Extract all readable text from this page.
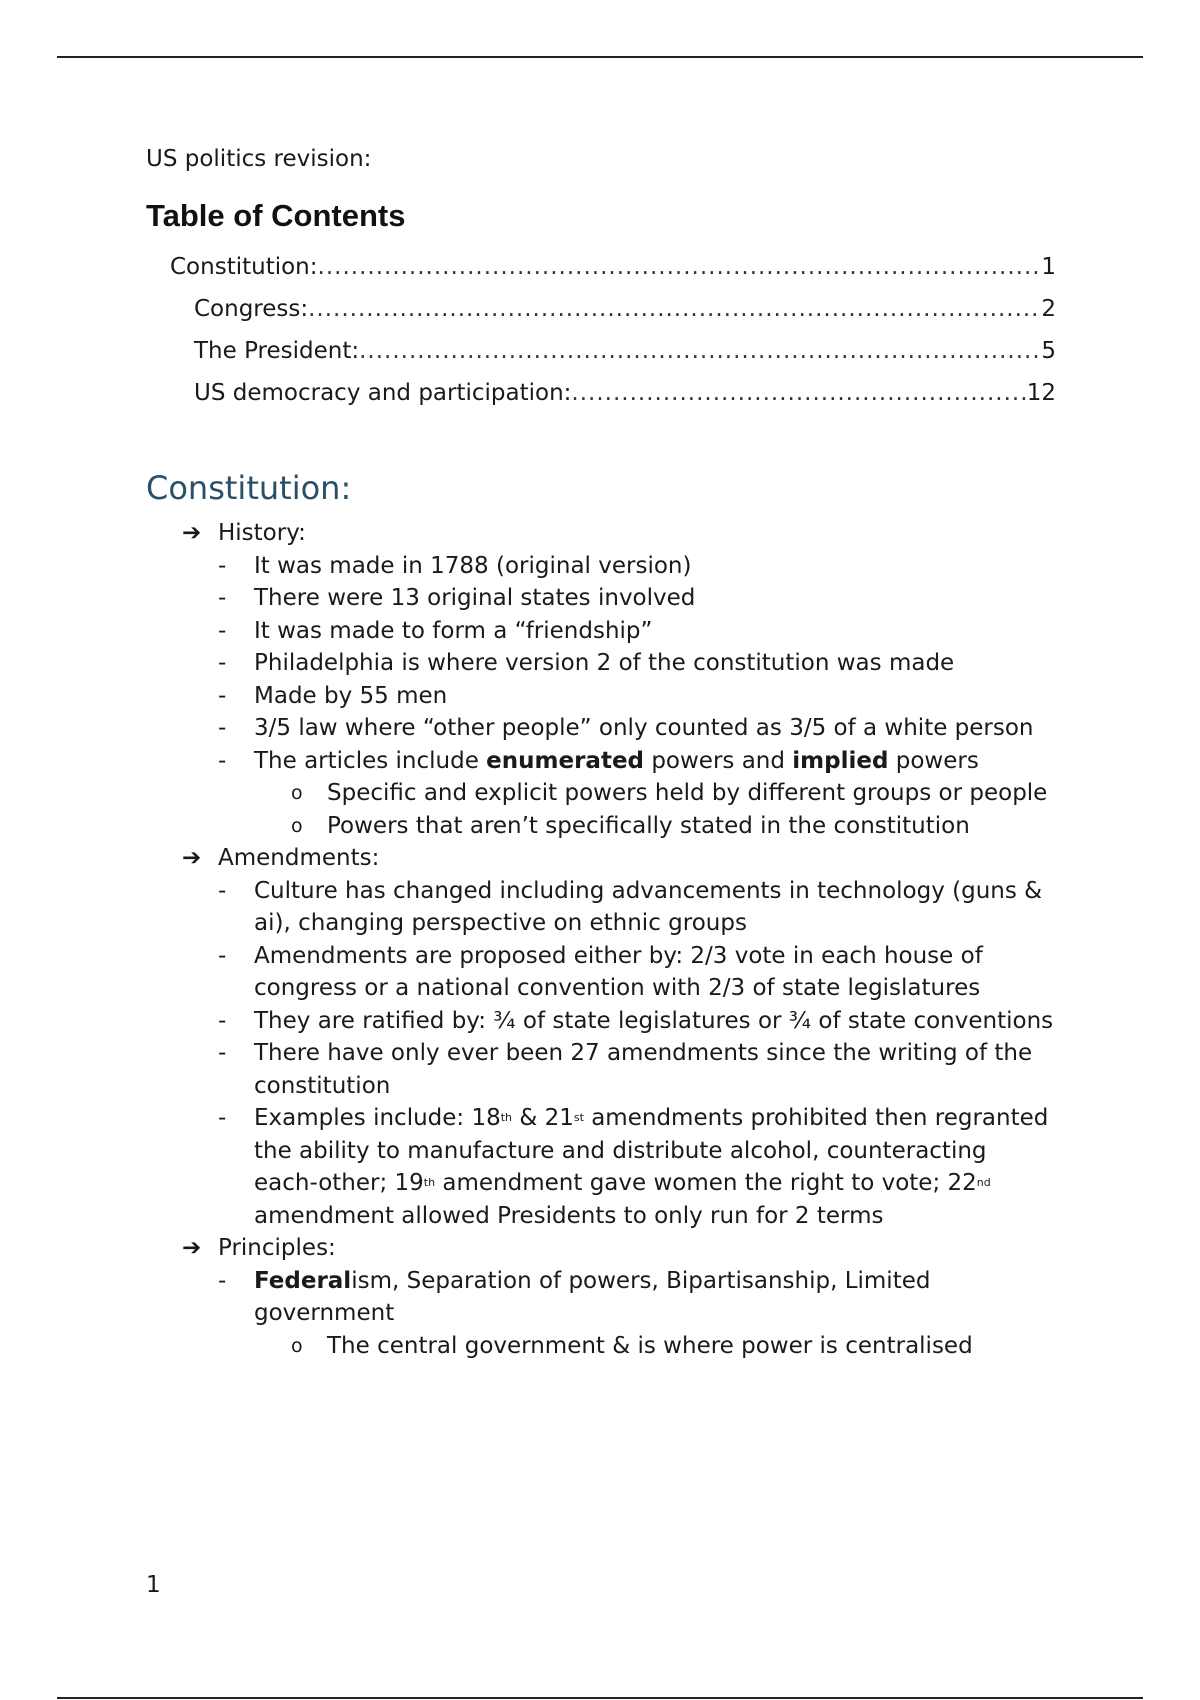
US politics revision:

Table of Contents
Constitution: .....	1
Congress: .....	2
The President: .....	5
US democracy and participation: .....	12
Constitution:
➔ History:
- It was made in 1788 (original version)
- There were 13 original states involved
- It was made to form a “friendship”
- Philadelphia is where version 2 of the constitution was made
- Made by 55 men
- 3/5 law where “other people” only counted as 3/5 of a white person
- The articles include enumerated powers and implied powers
o Specific and explicit powers held by different groups or people
o Powers that aren’t specifically stated in the constitution
➔ Amendments:
- Culture has changed including advancements in technology (guns & ai), changing perspective on ethnic groups
- Amendments are proposed either by: 2/3 vote in each house of congress or a national convention with 2/3 of state legislatures
- They are ratified by: ¾ of state legislatures or ¾ of state conventions
- There have only ever been 27 amendments since the writing of the constitution
- Examples include: 18th & 21st amendments prohibited then regranted the ability to manufacture and distribute alcohol, counteracting each-other; 19th amendment gave women the right to vote; 22nd amendment allowed Presidents to only run for 2 terms
➔ Principles:
- Federalism, Separation of powers, Bipartisanship, Limited government
o The central government & is where power is centralised
1
